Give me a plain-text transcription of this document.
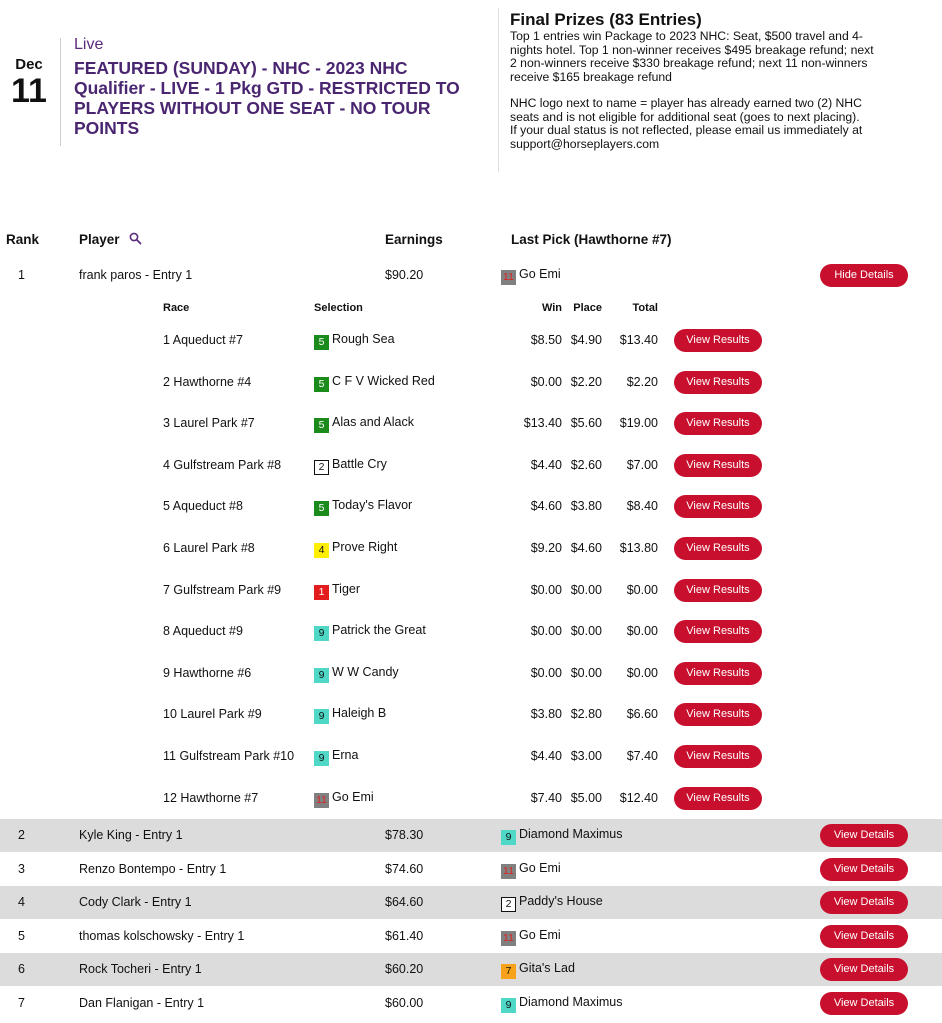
Dec
11
Live
FEATURED (SUNDAY) - NHC - 2023 NHC Qualifier - LIVE - 1 Pkg GTD - RESTRICTED TO PLAYERS WITHOUT ONE SEAT - NO TOUR POINTS
Final Prizes (83 Entries)
Top 1 entries win Package to 2023 NHC: Seat, $500 travel and 4-
nights hotel. Top 1 non-winner receives $495 breakage refund; next
2 non-winners receive $330 breakage refund; next 11 non-winners
receive $165 breakage refund
NHC logo next to name = player has already earned two (2) NHC
seats and is not eligible for additional seat (goes to next placing).
If your dual status is not reflected, please email us immediately at
support@horseplayers.com
Rank	Player	Earnings	Last Pick (Hawthorne #7)
1	frank paros - Entry 1	$90.20	11 Go Emi	Hide Details
Race	Selection	Win Place	Total
1 Aqueduct #7	5 Rough Sea	$8.50 $4.90 $13.40	View Results
2 Hawthorne #4	5 C F V Wicked Red	$0.00 $2.20 $2.20	View Results
3 Laurel Park #7	5 Alas and Alack	$13.40 $5.60 $19.00	View Results
4 Gulfstream Park #8	2 Battle Cry	$4.40 $2.60 $7.00	View Results
5 Aqueduct #8	5 Today's Flavor	$4.60 $3.80 $8.40	View Results
6 Laurel Park #8	4 Prove Right	$9.20 $4.60 $13.80	View Results
7 Gulfstream Park #9	1 Tiger	$0.00 $0.00 $0.00	View Results
8 Aqueduct #9	9 Patrick the Great	$0.00 $0.00 $0.00	View Results
9 Hawthorne #6	9 W W Candy	$0.00 $0.00 $0.00	View Results
10 Laurel Park #9	9 Haleigh B	$3.80 $2.80 $6.60	View Results
11 Gulfstream Park #10	9 Erna	$4.40 $3.00 $7.40	View Results
12 Hawthorne #7	11 Go Emi	$7.40 $5.00 $12.40	View Results
2	Kyle King - Entry 1	$78.30	9 Diamond Maximus	View Details
3	Renzo Bontempo - Entry 1	$74.60	11 Go Emi	View Details
4	Cody Clark - Entry 1	$64.60	2 Paddy's House	View Details
5	thomas kolschowsky - Entry 1	$61.40	11 Go Emi	View Details
6	Rock Tocheri - Entry 1	$60.20	7 Gita's Lad	View Details
7	Dan Flanigan - Entry 1	$60.00	9 Diamond Maximus	View Details
